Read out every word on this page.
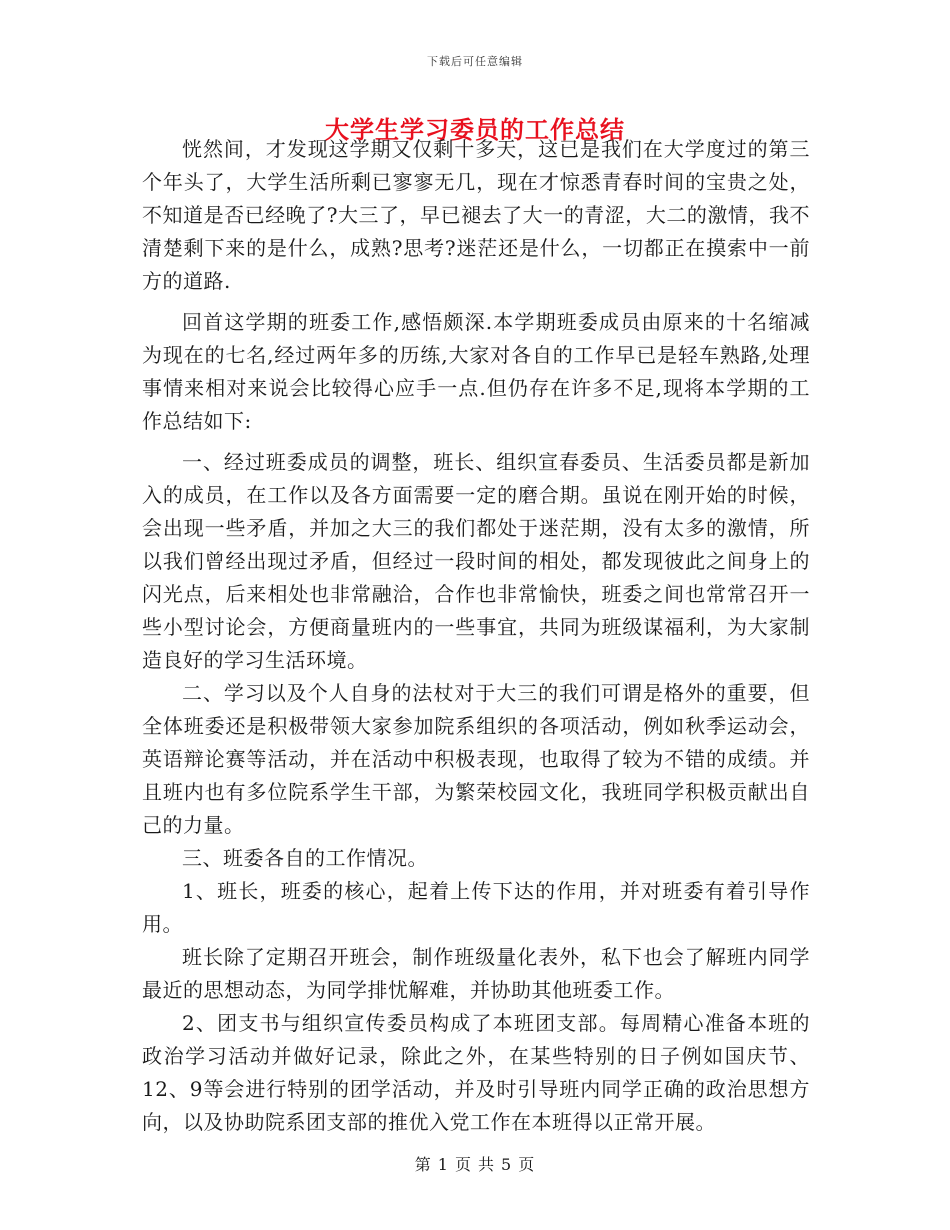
下载后可任意编辑
大学生学习委员的工作总结

恍然间，才发现这学期又仅剩十多天，这已是我们在大学度过的第三个年头了，大学生活所剩已寥寥无几，现在才惊悉青春时间的宝贵之处，不知道是否已经晚了?大三了，早已褪去了大一的青涩，大二的激情，我不清楚剩下来的是什么，成熟?思考?迷茫还是什么，一切都正在摸索中一前方的道路.

回首这学期的班委工作,感悟颇深.本学期班委成员由原来的十名缩减为现在的七名,经过两年多的历练,大家对各自的工作早已是轻车熟路,处理事情来相对来说会比较得心应手一点.但仍存在许多不足,现将本学期的工作总结如下:

一、经过班委成员的调整，班长、组织宣春委员、生活委员都是新加入的成员，在工作以及各方面需要一定的磨合期。虽说在刚开始的时候，会出现一些矛盾，并加之大三的我们都处于迷茫期，没有太多的激情，所以我们曾经出现过矛盾，但经过一段时间的相处，都发现彼此之间身上的闪光点，后来相处也非常融洽，合作也非常愉快，班委之间也常常召开一些小型讨论会，方便商量班内的一些事宜，共同为班级谋福利，为大家制造良好的学习生活环境。

二、学习以及个人自身的法杖对于大三的我们可谓是格外的重要，但全体班委还是积极带领大家参加院系组织的各项活动，例如秋季运动会，英语辩论赛等活动，并在活动中积极表现，也取得了较为不错的成绩。并且班内也有多位院系学生干部，为繁荣校园文化，我班同学积极贡献出自己的力量。

三、班委各自的工作情况。

1、班长，班委的核心，起着上传下达的作用，并对班委有着引导作用。

班长除了定期召开班会，制作班级量化表外，私下也会了解班内同学最近的思想动态，为同学排忧解难，并协助其他班委工作。

2、团支书与组织宣传委员构成了本班团支部。每周精心准备本班的政治学习活动并做好记录，除此之外，在某些特别的日子例如国庆节、12、9等会进行特别的团学活动，并及时引导班内同学正确的政治思想方向，以及协助院系团支部的推优入党工作在本班得以正常开展。

第 1 页 共 5 页
